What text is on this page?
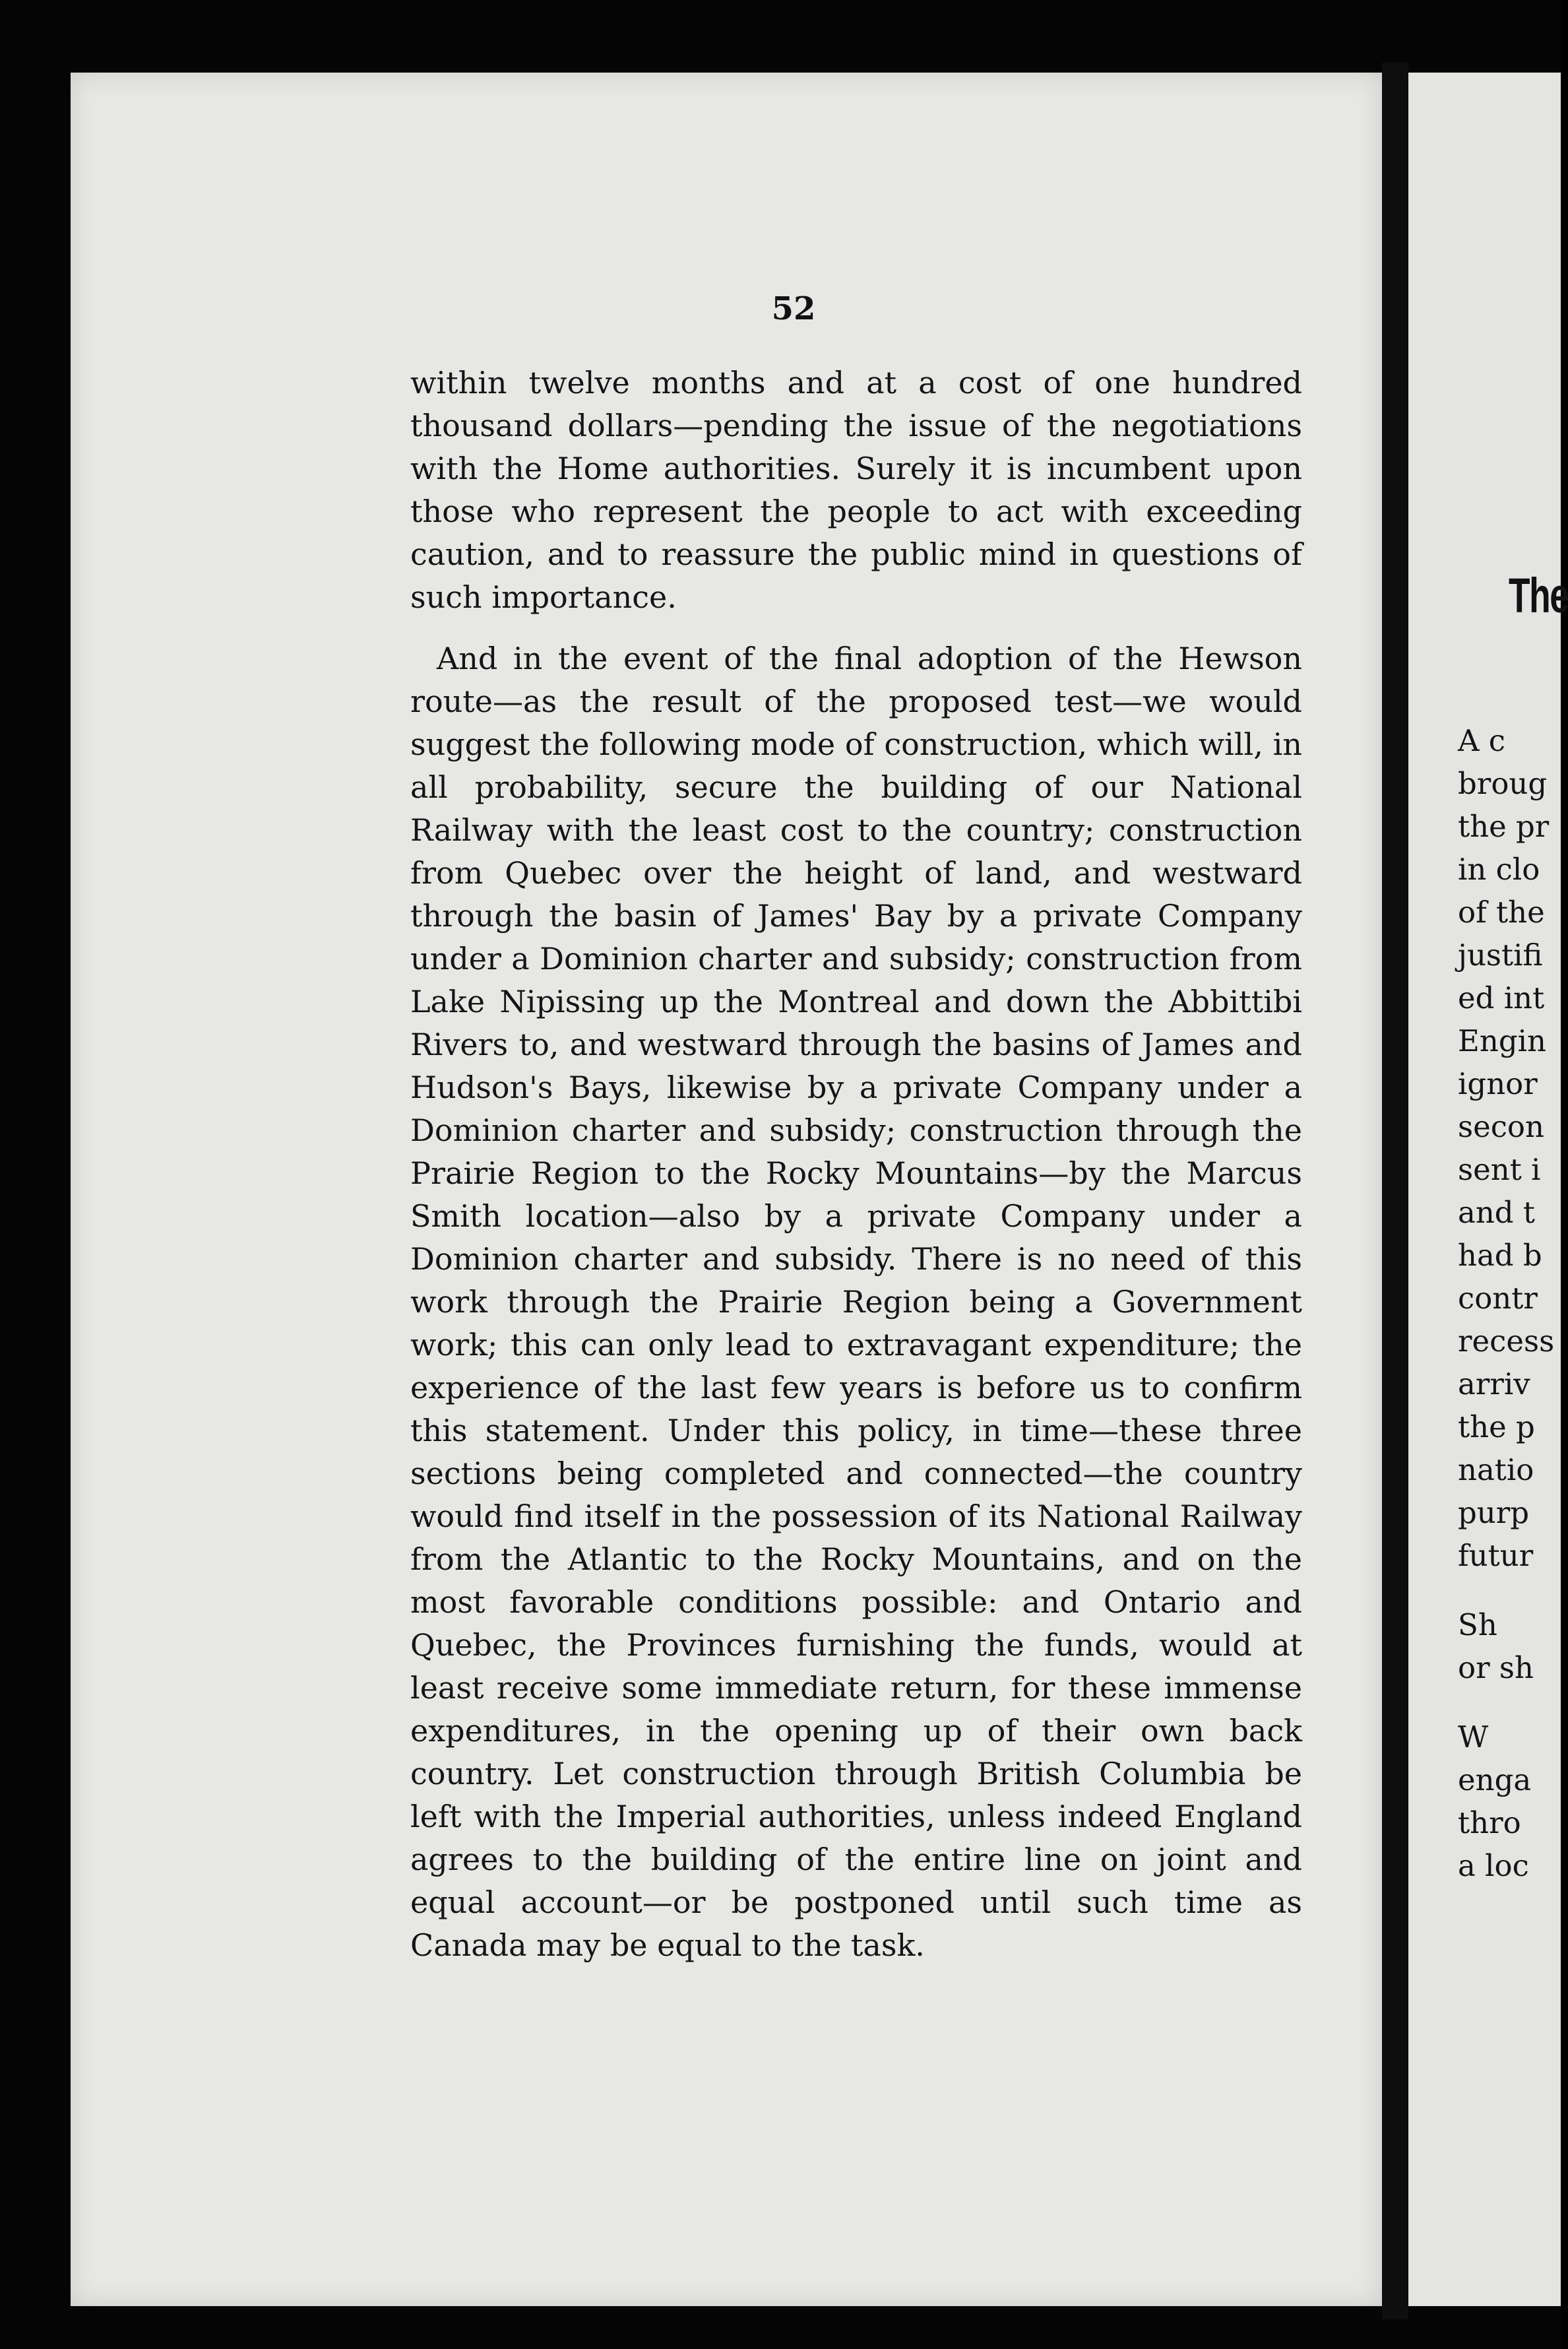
52

within twelve months and at a cost of one hundred thousand dollars—pending the issue of the negotiations with the Home authorities. Surely it is incumbent upon those who represent the people to act with exceeding caution, and to reassure the public mind in questions of such importance.

And in the event of the final adoption of the Hewson route—as the result of the proposed test—we would suggest the following mode of construction, which will, in all probability, secure the building of our National Railway with the least cost to the country; construction from Quebec over the height of land, and westward through the basin of James' Bay by a private Company under a Dominion charter and subsidy; construction from Lake Nipissing up the Montreal and down the Abbittibi Rivers to, and westward through the basins of James and Hudson's Bays, likewise by a private Company under a Dominion charter and subsidy; construction through the Prairie Region to the Rocky Mountains—by the Marcus Smith location—also by a private Company under a Dominion charter and subsidy. There is no need of this work through the Prairie Region being a Government work; this can only lead to extravagant expenditure; the experience of the last few years is before us to confirm this statement. Under this policy, in time—these three sections being completed and connected—the country would find itself in the possession of its National Railway from the Atlantic to the Rocky Mountains, and on the most favorable conditions possible: and Ontario and Quebec, the Provinces furnishing the funds, would at least receive some immediate return, for these immense expenditures, in the opening up of their own back country. Let construction through British Columbia be left with the Imperial authorities, unless indeed England agrees to the building of the entire line on joint and equal account—or be postponed until such time as Canada may be equal to the task.

The
A c
broug
the pr
in clo
of the
justifi
ed int
Engin
ignor
secon
sent i
and t
had b
contr
recess
arriv
the p
natio
purp
futur
Sh
or sh
W
enga
thro
a loc
